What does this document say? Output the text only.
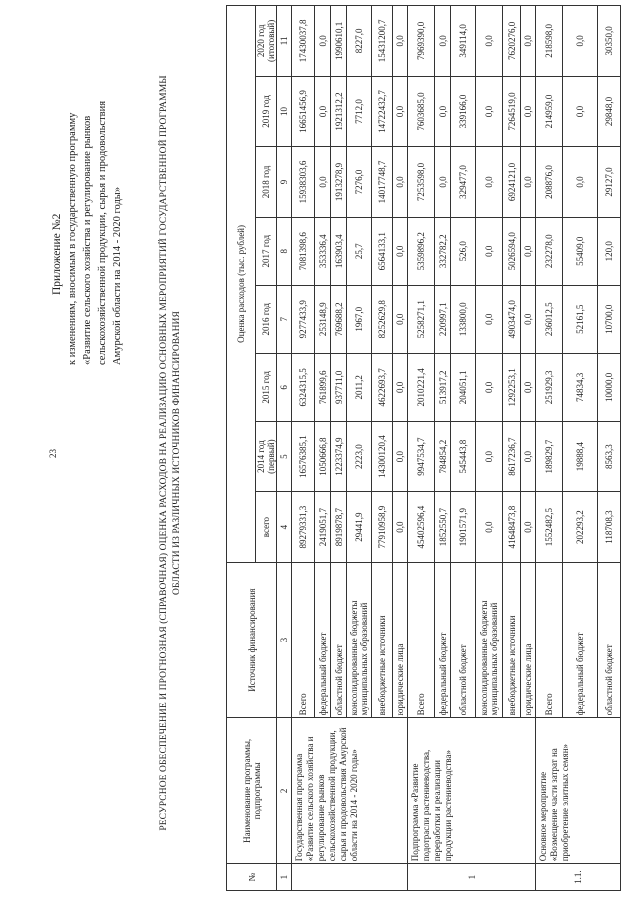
23
Приложение №2 к изменениям, вносимым в государственную программу «Развитие сельского хозяйства и регулирование рынков сельскохозяйственной продукции, сырья и продовольствия Амурской области на 2014 - 2020 годы»	РЕСУРСНОЕ ОБЕСПЕЧЕНИЕ И ПРОГНОЗНАЯ (СПРАВОЧНАЯ) ОЦЕНКА РАСХОДОВ НА РЕАЛИЗАЦИЮ ОСНОВНЫХ МЕРОПРИЯТИЙ ГОСУДАРСТВЕННОЙ ПРОГРАММЫ ОБЛАСТИ ИЗ РАЗЛИЧНЫХ ИСТОЧНИКОВ ФИНАНСИРОВАНИЯ
№	Наименование программы, подпрограммы	Источник финансирования	Оценка расходов (тыс. рублей)							
			всего	2014 год (первый)	2015 год	2016 год	2017 год	2018 год	2019 год	2020 год (итоговый)

1	2	3	4	5	6	7	8	9	10	11
	Государственная программа «Развитие сельского хозяйства и регулирование рынков сельскохозяйственной продукции, сырья и продовольствия Амурской области на 2014 - 2020 годы»	Всего	89279331,3	16576385,1	6324315,5	9277433,9	7081398,6	15938303,6	16651456,9	17430037,8
		федеральный бюджет	2419051,7	1050666,8	761899,6	253148,9	353336,4	0,0	0,0	0,0
		областной бюджет	8919878,7	1223374,9	937711,0	769688,2	163903,4	1913278,9	1921312,2	1990610,1
		консолидированные бюджеты муниципальных образований	29441,9	2223,0	2011,2	1967,0	25,7	7276,0	7712,0	8227,0
		внебюджетные источники	77910958,9	14300120,4	4622693,7	8252629,8	6564133,1	14017748,7	14722432,7	15431200,7
		юридические лица	0,0	0,0	0,0	0,0	0,0	0,0	0,0	0,0
1	Подпрограмма «Развитие подотрасли растениеводства, переработки и реализации продукции растениеводства»	Всего	45402596,4	9947534,7	2010221,4	5258271,1	5359896,2	7253598,0	7603685,0	7969390,0
		федеральный бюджет	1852550,7	784854,2	513917,2	220997,1	332782,2	0,0	0,0	0,0
		областной бюджет	1901571,9	545443,8	204051,1	133800,0	526,0	329477,0	339166,0	349114,0
		консолидированные бюджеты муниципальных образований	0,0	0,0	0,0	0,0	0,0	0,0	0,0	0,0
		внебюджетные источники	41648473,8	8617236,7	1292253,1	4903474,0	5026594,0	6924121,0	7264519,0	7620276,0
		юридические лица	0,0	0,0	0,0	0,0	0,0	0,0	0,0	0,0
1.1.	Основное мероприятие «Возмещение части затрат на приобретение элитных семян»	Всего	1552482,5	189829,7	251929,3	236012,5	232278,0	208876,0	214959,0	218598,0
		федеральный бюджет	202293,2	19888,4	74834,3	52161,5	55409,0	0,0	0,0	0,0
		областной бюджет	118708,3	8563,3	10000,0	10700,0	120,0	29127,0	29848,0	30350,0
